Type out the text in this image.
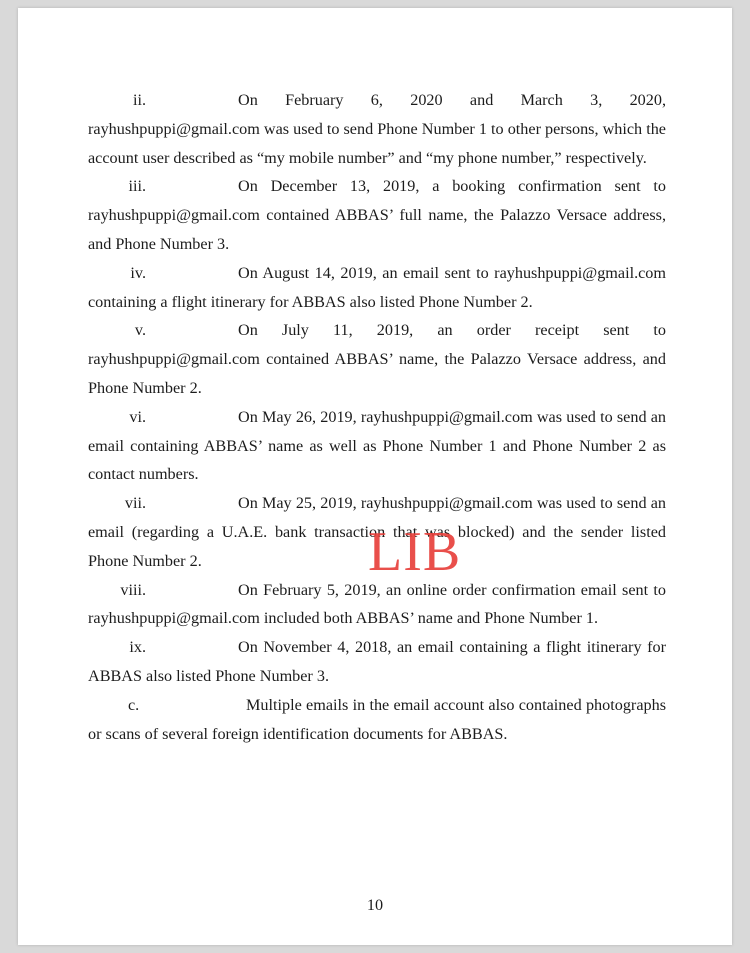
ii.	On February 6, 2020 and March 3, 2020, rayhushpuppi@gmail.com was used to send Phone Number 1 to other persons, which the account user described as “my mobile number” and “my phone number,” respectively.

iii.	On December 13, 2019, a booking confirmation sent to rayhushpuppi@gmail.com contained ABBAS’ full name, the Palazzo Versace address, and Phone Number 3.

iv.	On August 14, 2019, an email sent to rayhushpuppi@gmail.com containing a flight itinerary for ABBAS also listed Phone Number 2.

v.	On July 11, 2019, an order receipt sent to rayhushpuppi@gmail.com contained ABBAS’ name, the Palazzo Versace address, and Phone Number 2.

vi.	On May 26, 2019, rayhushpuppi@gmail.com was used to send an email containing ABBAS’ name as well as Phone Number 1 and Phone Number 2 as contact numbers.

vii.	On May 25, 2019, rayhushpuppi@gmail.com was used to send an email (regarding a U.A.E. bank transaction that was blocked) and the sender listed Phone Number 2.

viii.	On February 5, 2019, an online order confirmation email sent to rayhushpuppi@gmail.com included both ABBAS’ name and Phone Number 1.

ix.	On November 4, 2018, an email containing a flight itinerary for ABBAS also listed Phone Number 3.

c.	Multiple emails in the email account also contained photographs or scans of several foreign identification documents for ABBAS.

LIB
10
